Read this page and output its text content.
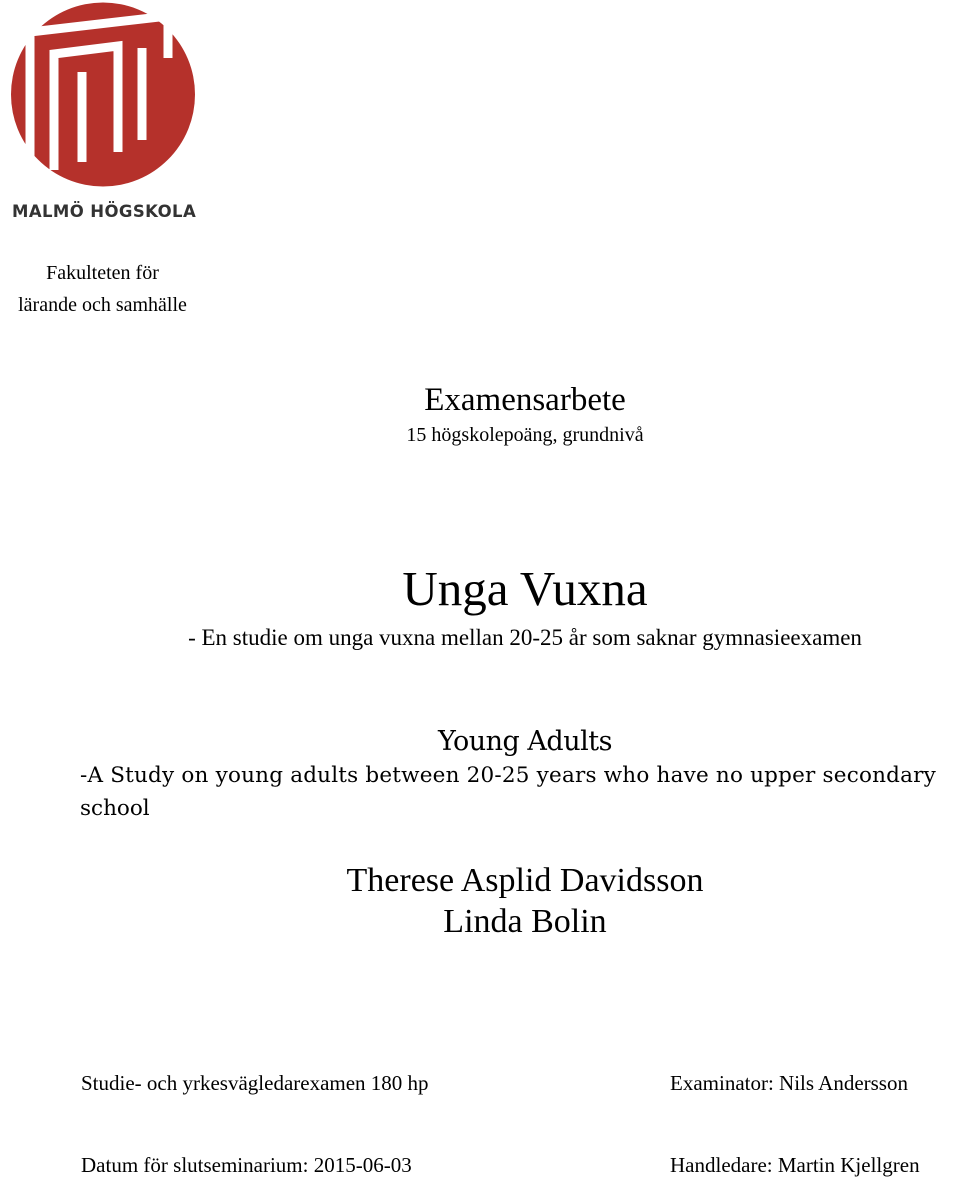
MALMÖ HÖGSKOLA
Fakulteten för
lärande och samhälle
Examensarbete
15 högskolepoäng, grundnivå
Unga Vuxna
- En studie om unga vuxna mellan 20-25 år som saknar gymnasieexamen
Young Adults
-A Study on young adults between 20-25 years who have no upper secondary
school
Therese Asplid Davidsson
Linda Bolin
Studie- och yrkesvägledarexamen 180 hp	Examinator: Nils Andersson
Datum för slutseminarium: 2015-06-03	Handledare: Martin Kjellgren
